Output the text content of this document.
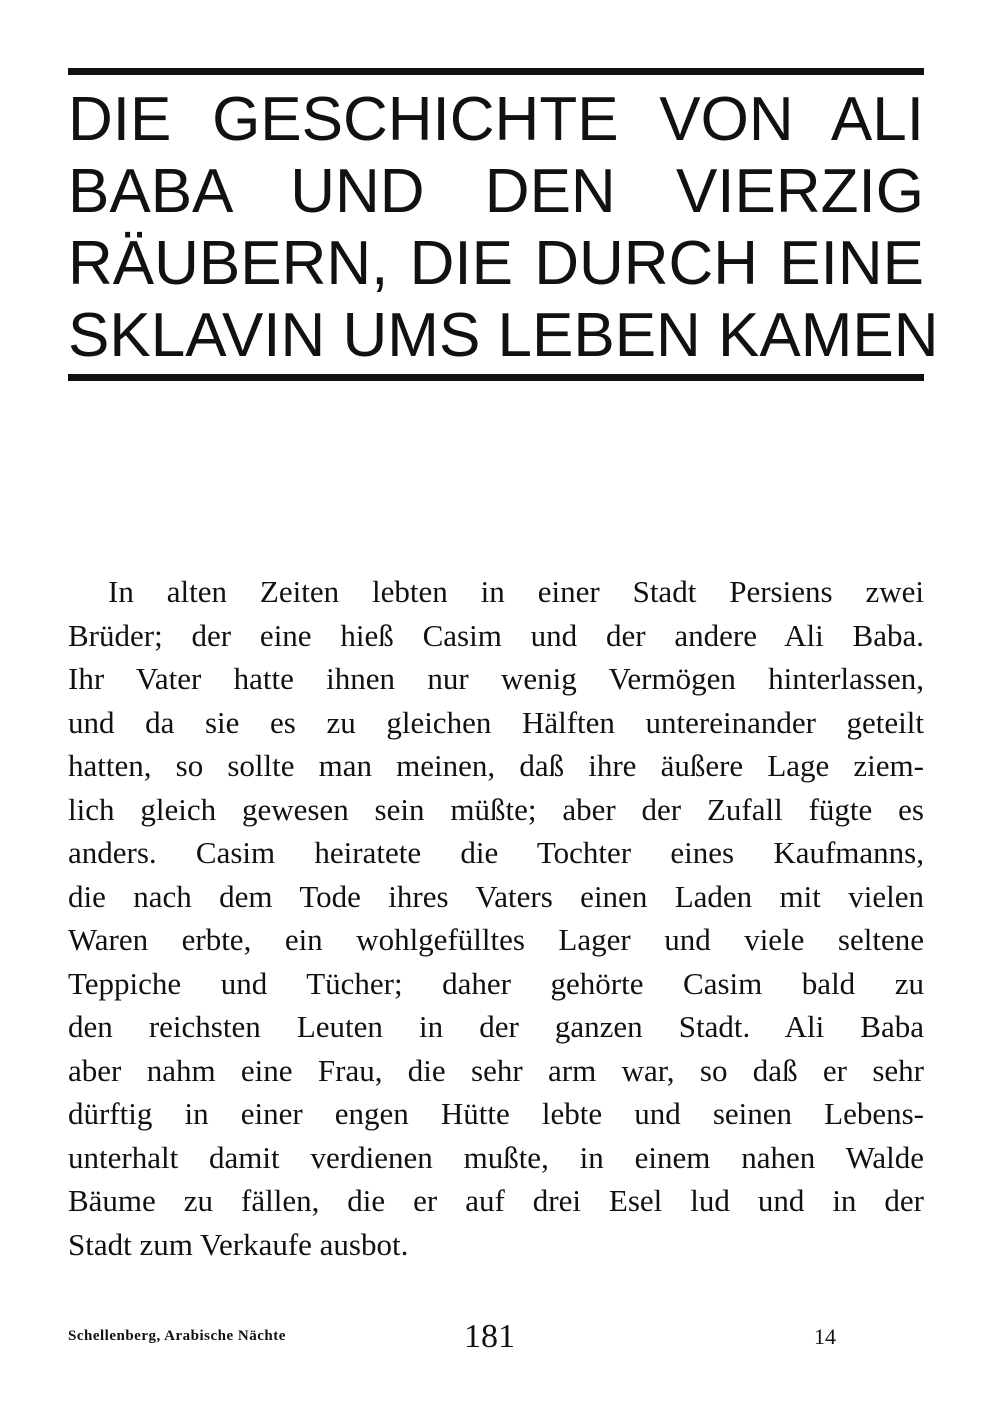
DIE GESCHICHTE VON ALI
BABA UND DEN VIERZIG
RÄUBERN, DIE DURCH EINE
SKLAVIN UMS LEBEN KAMEN
In alten Zeiten lebten in einer Stadt Persiens zwei
Brüder; der eine hieß Casim und der andere Ali Baba.
Ihr Vater hatte ihnen nur wenig Vermögen hinterlassen,
und da sie es zu gleichen Hälften untereinander geteilt
hatten, so sollte man meinen, daß ihre äußere Lage ziem-
lich gleich gewesen sein müßte; aber der Zufall fügte es
anders. Casim heiratete die Tochter eines Kaufmanns,
die nach dem Tode ihres Vaters einen Laden mit vielen
Waren erbte, ein wohlgefülltes Lager und viele seltene
Teppiche und Tücher; daher gehörte Casim bald zu
den reichsten Leuten in der ganzen Stadt. Ali Baba
aber nahm eine Frau, die sehr arm war, so daß er sehr
dürftig in einer engen Hütte lebte und seinen Lebens-
unterhalt damit verdienen mußte, in einem nahen Walde
Bäume zu fällen, die er auf drei Esel lud und in der
Stadt zum Verkaufe ausbot.
Schellenberg, Arabische Nächte	181	14
